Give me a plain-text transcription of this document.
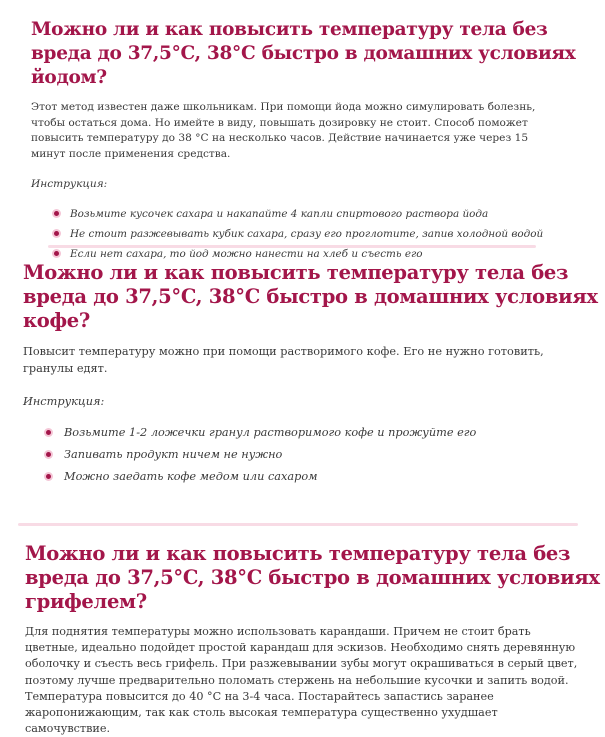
Можно ли и как повысить температуру тела без вреда до 37,5°C, 38°C быстро в домашних условиях йодом?

Этот метод известен даже школьникам. При помощи йода можно симулировать болезнь, чтобы остаться дома. Но имейте в виду, повышать дозировку не стоит. Способ поможет повысить температуру до 38 °C на несколько часов. Действие начинается уже через 15 минут после применения средства.

Инструкция:

Возьмите кусочек сахара и накапайте 4 капли спиртового раствора йода
Не стоит разжевывать кубик сахара, сразу его проглотите, запив холодной водой
Если нет сахара, то йод можно нанести на хлеб и съесть его
Можно ли и как повысить температуру тела без вреда до 37,5°C, 38°C быстро в домашних условиях кофе?

Повысит температуру можно при помощи растворимого кофе. Его не нужно готовить, гранулы едят.

Инструкция:

Возьмите 1-2 ложечки гранул растворимого кофе и прожуйте его
Запивать продукт ничем не нужно
Можно заедать кофе медом или сахаром
Можно ли и как повысить температуру тела без вреда до 37,5°C, 38°C быстро в домашних условиях грифелем?

Для поднятия температуры можно использовать карандаши. Причем не стоит брать цветные, идеально подойдет простой карандаш для эскизов. Необходимо снять деревянную оболочку и съесть весь грифель. При разжевывании зубы могут окрашиваться в серый цвет, поэтому лучше предварительно поломать стержень на небольшие кусочки и запить водой. Температура повысится до 40 °C на 3-4 часа. Постарайтесь запастись заранее жаропонижающим, так как столь высокая температура существенно ухудшает самочувствие.
